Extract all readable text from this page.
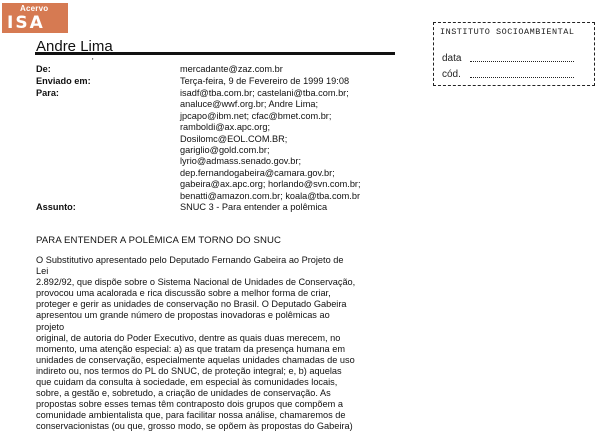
Acervo
ISA
Andre Lima
'
INSTITUTO SOCIOAMBIENTAL
data
cód.
De:	mercadante@zaz.com.br
Enviado em:	Terça-feira, 9 de Fevereiro de 1999 19:08
Para:	isadf@tba.com.br; castelani@tba.com.br;
analuce@wwf.org.br; Andre Lima;
jpcapo@ibm.net; cfac@bmet.com.br;
ramboldi@ax.apc.org;
Dosilomc@EOL.COM.BR;
gariglio@gold.com.br;
lyrio@admass.senado.gov.br;
dep.fernandogabeira@camara.gov.br;
gabeira@ax.apc.org; horlando@svn.com.br;
benatti@amazon.com.br; koala@tba.com.br
Assunto:	SNUC 3 - Para entender a polêmica
PARA ENTENDER A POLÊMICA EM TORNO DO SNUC
O Substitutivo apresentado pelo Deputado Fernando Gabeira ao Projeto de
Lei
2.892/92, que dispõe sobre o Sistema Nacional de Unidades de Conservação,
provocou uma acalorada e rica discussão sobre a melhor forma de criar,
proteger e gerir as unidades de conservação no Brasil. O Deputado Gabeira
apresentou um grande número de propostas inovadoras e polêmicas ao
projeto
original, de autoria do Poder Executivo, dentre as quais duas merecem, no
momento, uma atenção especial: a) as que tratam da presença humana em
unidades de conservação, especialmente aquelas unidades chamadas de uso
indireto ou, nos termos do PL do SNUC, de proteção integral; e, b) aquelas
que cuidam da consulta à sociedade, em especial às comunidades locais,
sobre, a gestão e, sobretudo, a criação de unidades de conservação. As
propostas sobre esses temas têm contraposto dois grupos que compõem a
comunidade ambientalista que, para facilitar nossa análise, chamaremos de
conservacionistas (ou que, grosso modo, se opõem às propostas do Gabeira)
